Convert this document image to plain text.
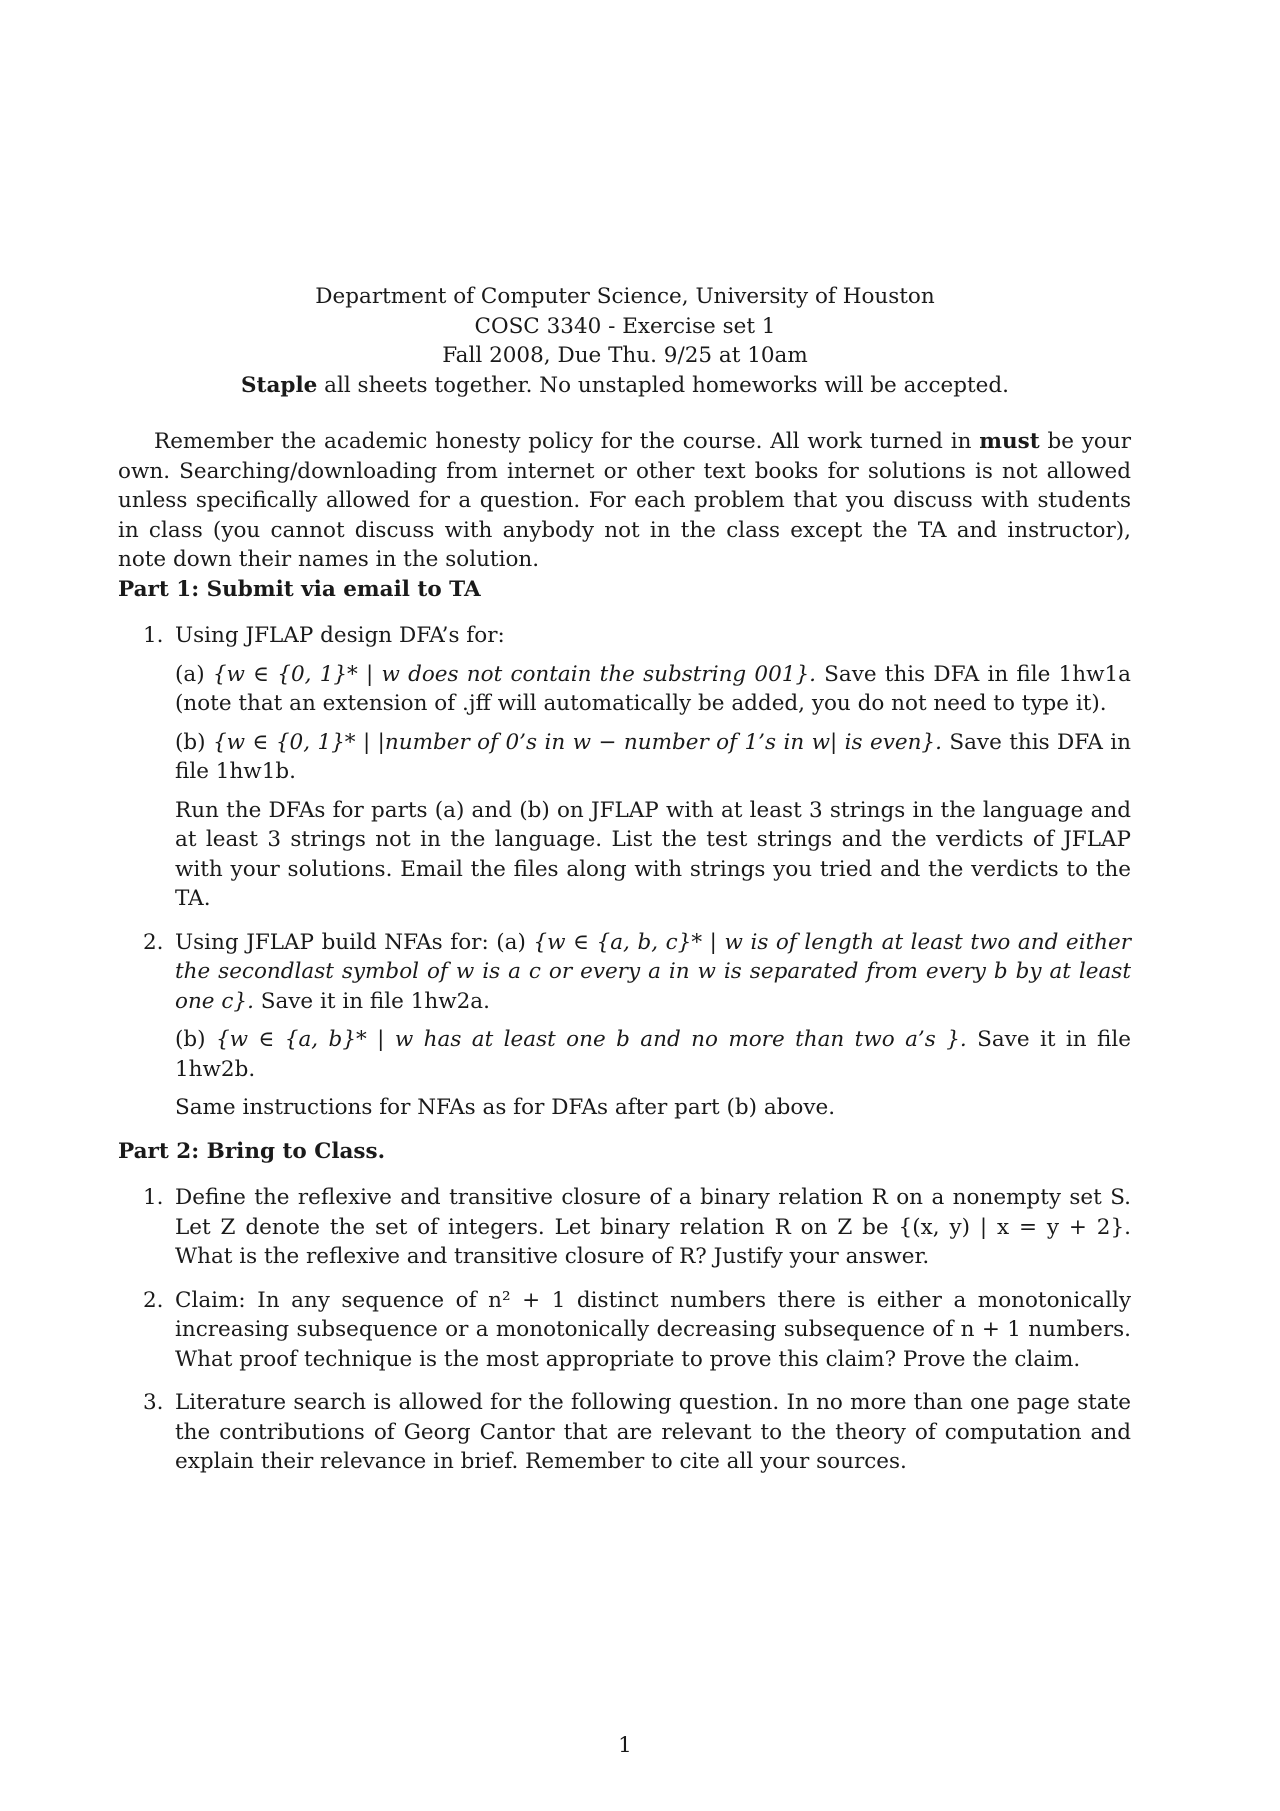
Department of Computer Science, University of Houston
COSC 3340 - Exercise set 1
Fall 2008, Due Thu. 9/25 at 10am
Staple all sheets together. No unstapled homeworks will be accepted.

Remember the academic honesty policy for the course. All work turned in must be your own. Searching/downloading from internet or other text books for solutions is not allowed unless specifically allowed for a question. For each problem that you discuss with students in class (you cannot discuss with anybody not in the class except the TA and instructor), note down their names in the solution.

Part 1: Submit via email to TA

1. Using JFLAP design DFA’s for:

(a) {w ∈ {0, 1}* | w does not contain the substring 001}. Save this DFA in file 1hw1a (note that an extension of .jff will automatically be added, you do not need to type it).

(b) {w ∈ {0, 1}* | |number of 0’s in w − number of 1’s in w| is even}. Save this DFA in file 1hw1b.

Run the DFAs for parts (a) and (b) on JFLAP with at least 3 strings in the language and at least 3 strings not in the language. List the test strings and the verdicts of JFLAP with your solutions. Email the files along with strings you tried and the verdicts to the TA.

2. Using JFLAP build NFAs for: (a) {w ∈ {a, b, c}* | w is of length at least two and either the secondlast symbol of w is a c or every a in w is separated from every b by at least one c}. Save it in file 1hw2a.

(b) {w ∈ {a, b}* | w has at least one b and no more than two a’s }. Save it in file 1hw2b.

Same instructions for NFAs as for DFAs after part (b) above.

Part 2: Bring to Class.

1. Define the reflexive and transitive closure of a binary relation R on a nonempty set S. Let Z denote the set of integers. Let binary relation R on Z be {(x, y) | x = y + 2}. What is the reflexive and transitive closure of R? Justify your answer.

2. Claim: In any sequence of n² + 1 distinct numbers there is either a monotonically increasing subsequence or a monotonically decreasing subsequence of n + 1 numbers. What proof technique is the most appropriate to prove this claim? Prove the claim.

3. Literature search is allowed for the following question. In no more than one page state the contributions of Georg Cantor that are relevant to the theory of computation and explain their relevance in brief. Remember to cite all your sources.

1
